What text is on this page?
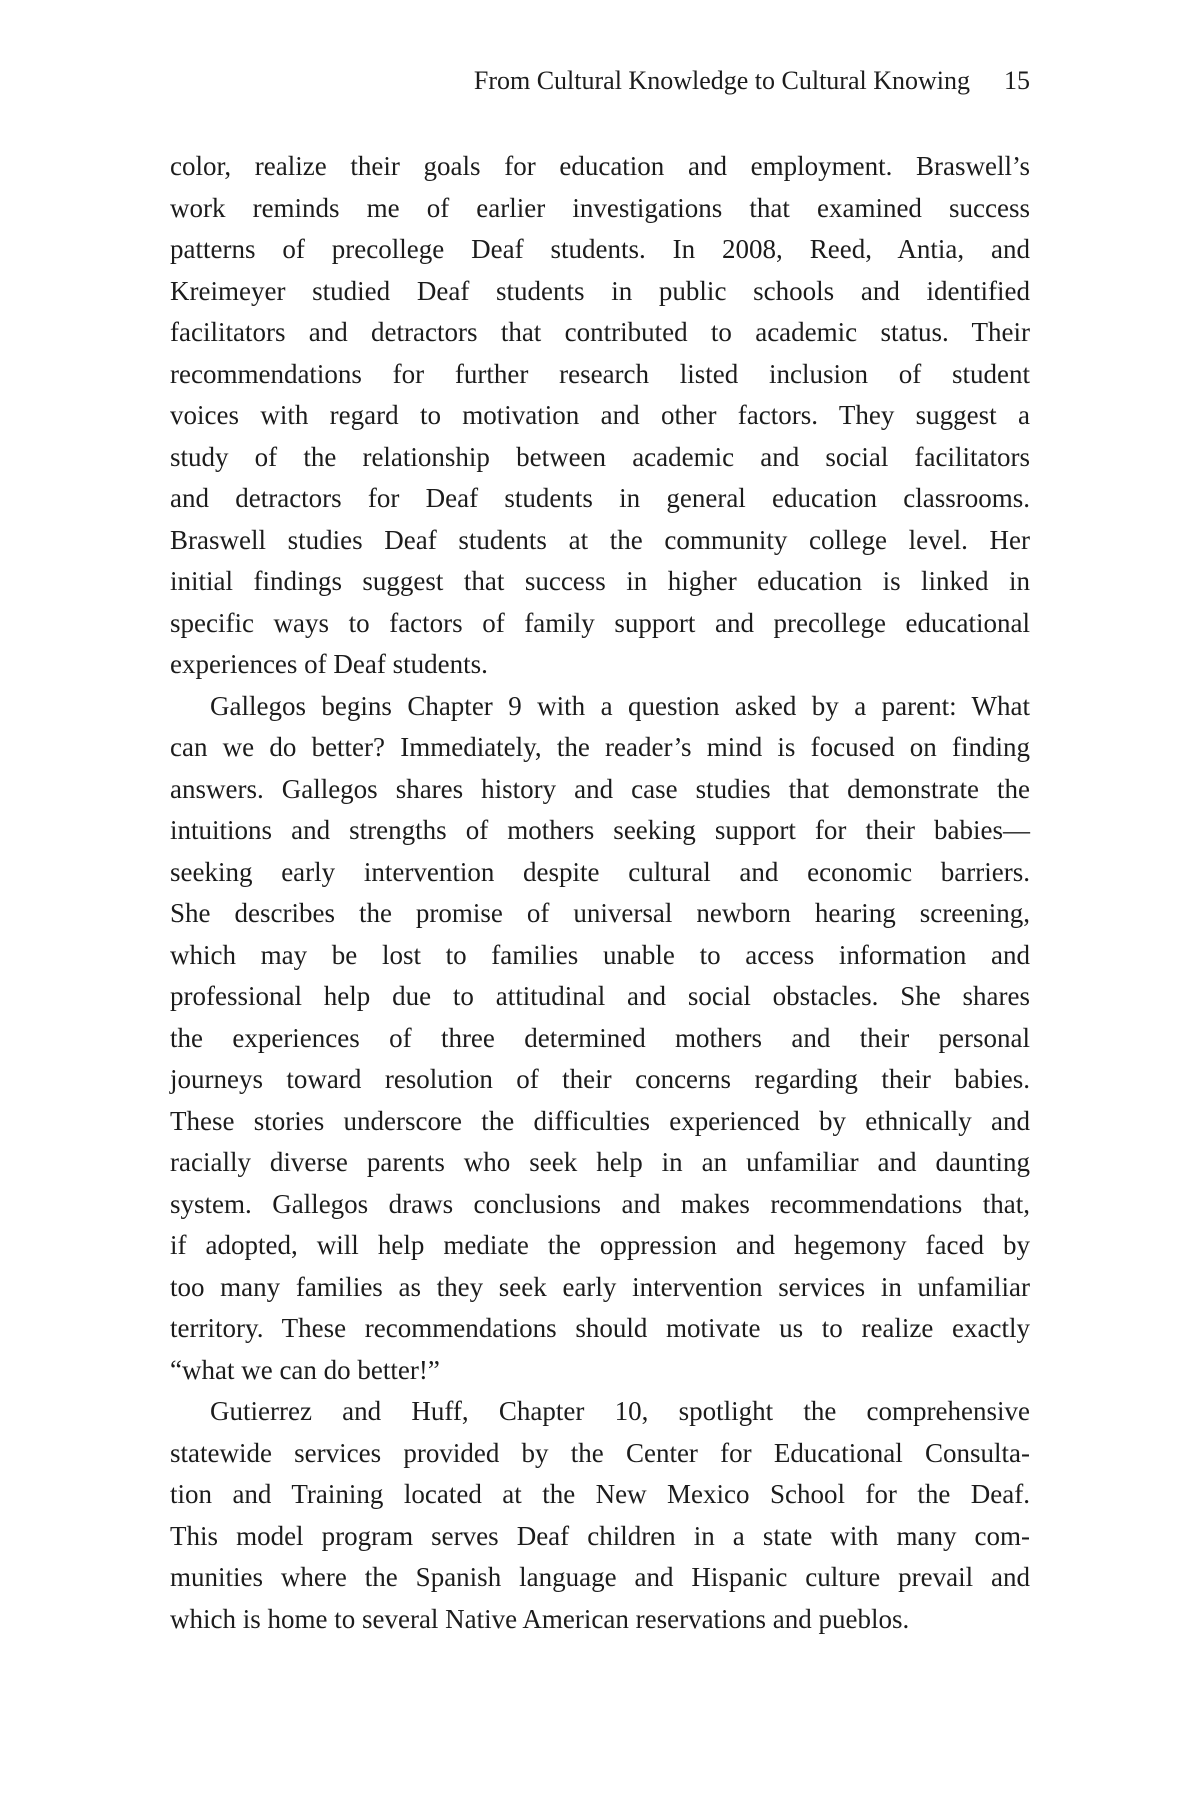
From Cultural Knowledge to Cultural Knowing 15
color, realize their goals for education and employment. Braswell’s
work reminds me of earlier investigations that examined success
patterns of precollege Deaf students. In 2008, Reed, Antia, and
Kreimeyer studied Deaf students in public schools and identified
facilitators and detractors that contributed to academic status. Their
recommendations for further research listed inclusion of student
voices with regard to motivation and other factors. They suggest a
study of the relationship between academic and social facilitators
and detractors for Deaf students in general education classrooms.
Braswell studies Deaf students at the community college level. Her
initial findings suggest that success in higher education is linked in
specific ways to factors of family support and precollege educational
experiences of Deaf students.
Gallegos begins Chapter 9 with a question asked by a parent: What
can we do better? Immediately, the reader’s mind is focused on finding
answers. Gallegos shares history and case studies that demonstrate the
intuitions and strengths of mothers seeking support for their babies—
seeking early intervention despite cultural and economic barriers.
She describes the promise of universal newborn hearing screening,
which may be lost to families unable to access information and
professional help due to attitudinal and social obstacles. She shares
the experiences of three determined mothers and their personal
journeys toward resolution of their concerns regarding their babies.
These stories underscore the difficulties experienced by ethnically and
racially diverse parents who seek help in an unfamiliar and daunting
system. Gallegos draws conclusions and makes recommendations that,
if adopted, will help mediate the oppression and hegemony faced by
too many families as they seek early intervention services in unfamiliar
territory. These recommendations should motivate us to realize exactly
“what we can do better!”
Gutierrez and Huff, Chapter 10, spotlight the comprehensive
statewide services provided by the Center for Educational Consulta-
tion and Training located at the New Mexico School for the Deaf.
This model program serves Deaf children in a state with many com-
munities where the Spanish language and Hispanic culture prevail and
which is home to several Native American reservations and pueblos.
